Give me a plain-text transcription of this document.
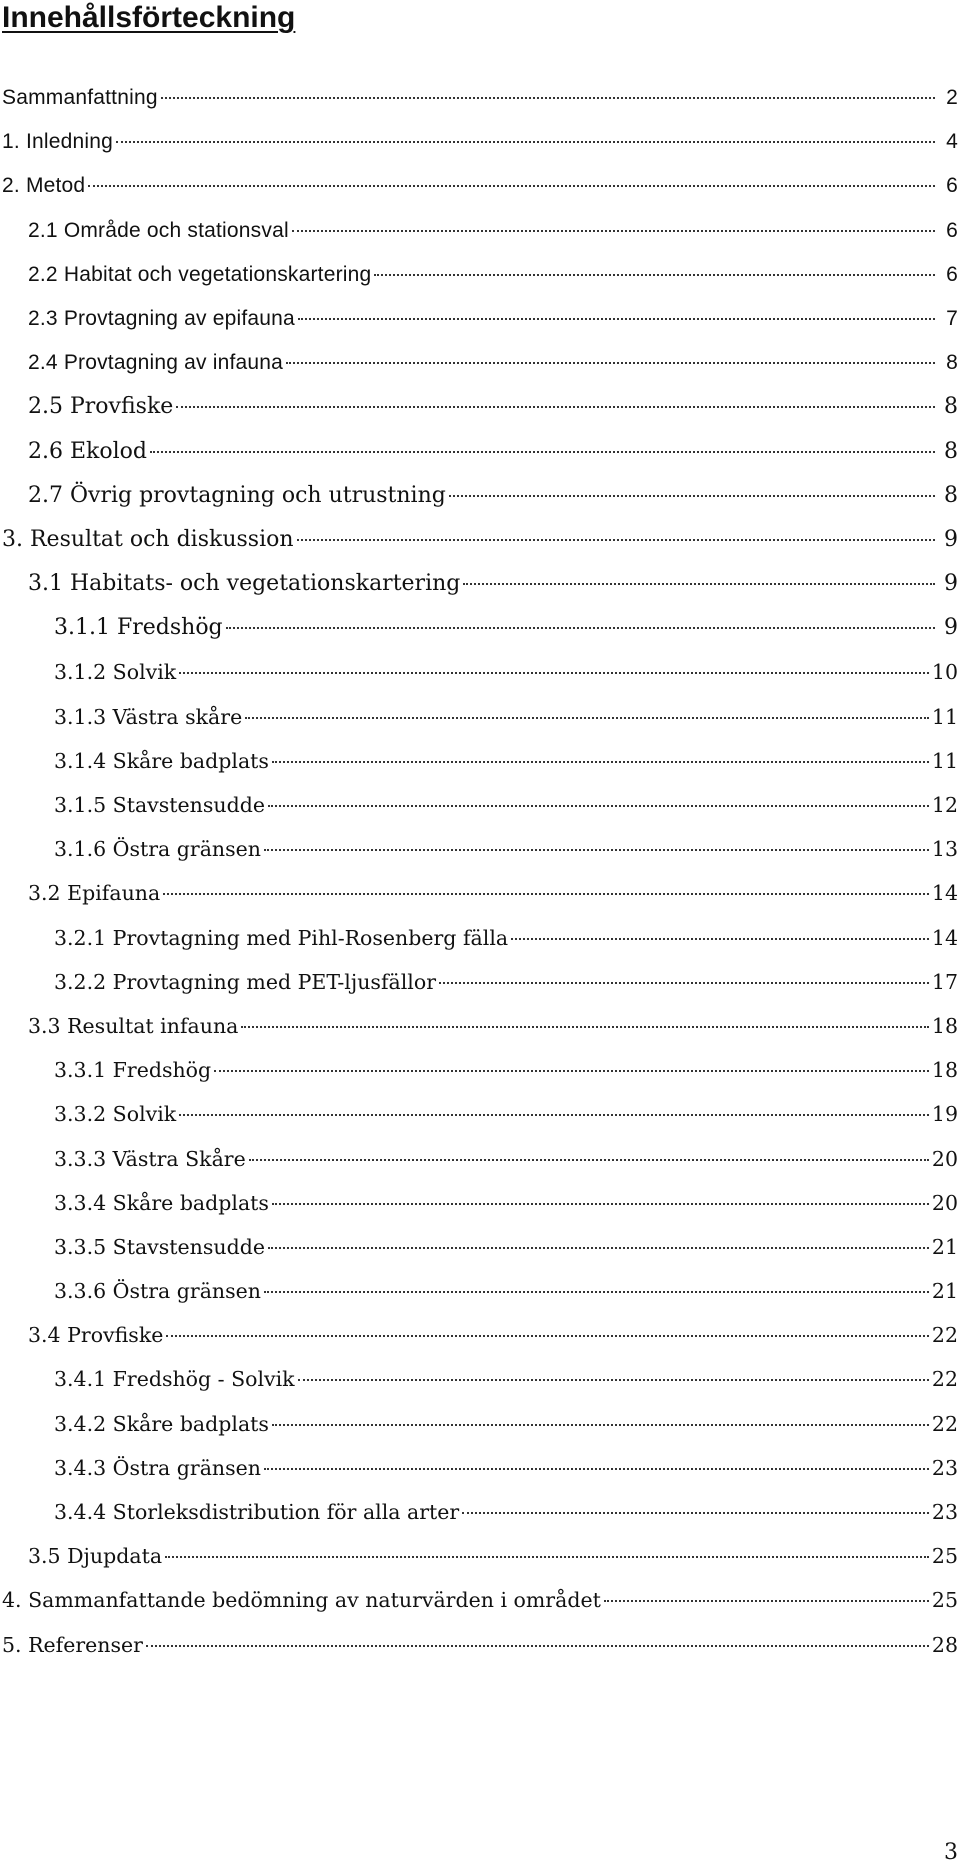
Innehållsförteckning
Sammanfattning	2
1. Inledning	4
2. Metod	6
2.1 Område och stationsval	6
2.2 Habitat och vegetationskartering	6
2.3 Provtagning av epifauna	7
2.4 Provtagning av infauna	8
2.5 Provfiske	8
2.6 Ekolod	8
2.7 Övrig provtagning och utrustning	8
3. Resultat och diskussion	9
3.1 Habitats- och vegetationskartering	9
3.1.1 Fredshög	9
3.1.2 Solvik	10
3.1.3 Västra skåre	11
3.1.4 Skåre badplats	11
3.1.5 Stavstensudde	12
3.1.6 Östra gränsen	13
3.2 Epifauna	14
3.2.1 Provtagning med Pihl-Rosenberg fälla	14
3.2.2 Provtagning med PET-ljusfällor	17
3.3 Resultat infauna	18
3.3.1 Fredshög	18
3.3.2 Solvik	19
3.3.3 Västra Skåre	20
3.3.4 Skåre badplats	20
3.3.5 Stavstensudde	21
3.3.6 Östra gränsen	21
3.4 Provfiske	22
3.4.1 Fredshög - Solvik	22
3.4.2 Skåre badplats	22
3.4.3 Östra gränsen	23
3.4.4 Storleksdistribution för alla arter	23
3.5 Djupdata	25
4. Sammanfattande bedömning av naturvärden i området	25
5. Referenser	28
3
